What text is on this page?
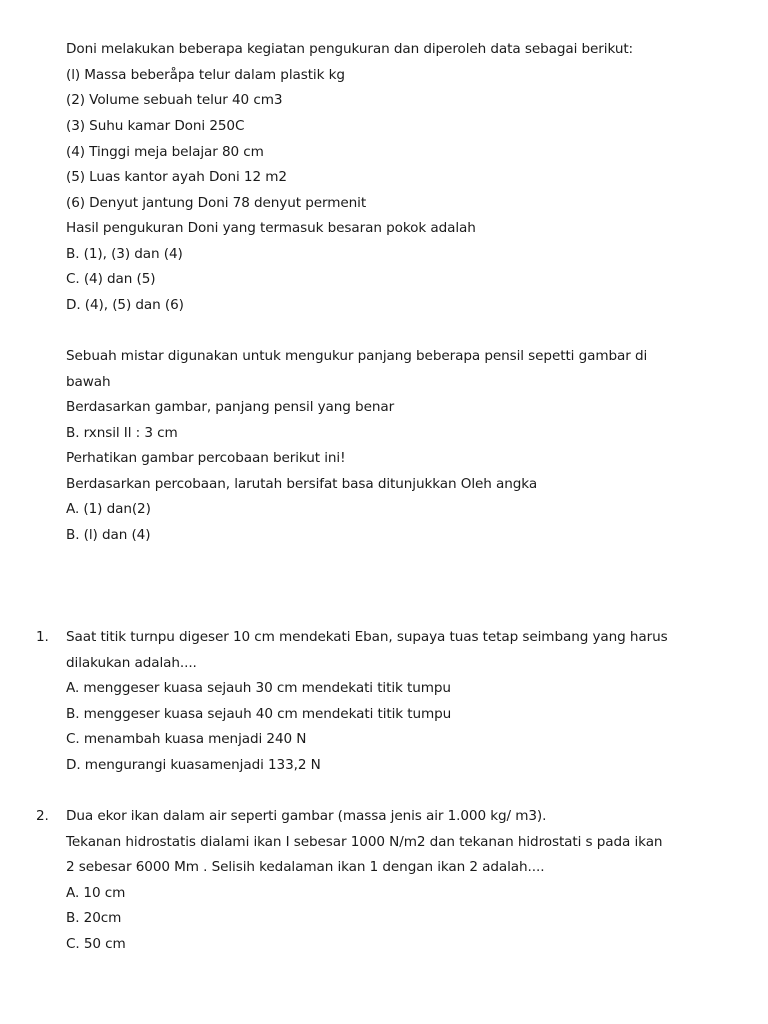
Doni melakukan beberapa kegiatan pengukuran dan diperoleh data sebagai berikut:
(l) Massa beberåpa telur dalam plastik kg
(2) Volume sebuah telur 40 cm3
(3) Suhu kamar Doni 250C
(4) Tinggi meja belajar 80 cm
(5) Luas kantor ayah Doni 12 m2
(6) Denyut jantung Doni 78 denyut permenit
Hasil pengukuran Doni yang termasuk besaran pokok adalah
B. (1), (3) dan (4)
C. (4) dan (5)
D. (4), (5) dan (6)
Sebuah mistar digunakan untuk mengukur panjang beberapa pensil sepetti gambar di
bawah
Berdasarkan gambar, panjang pensil yang benar
B. rxnsil Il : 3 cm
Perhatikan gambar percobaan berikut ini!
Berdasarkan percobaan, larutah bersifat basa ditunjukkan Oleh angka
A. (1) dan(2)
B. (l) dan (4)
1. Saat titik turnpu digeser 10 cm mendekati Eban, supaya tuas tetap seimbang yang harus
dilakukan adalah....
A. menggeser kuasa sejauh 30 cm mendekati titik tumpu
B. menggeser kuasa sejauh 40 cm mendekati titik tumpu
C. menambah kuasa menjadi 240 N
D. mengurangi kuasamenjadi 133,2 N
2. Dua ekor ikan dalam air seperti gambar (massa jenis air 1.000 kg/ m3).
Tekanan hidrostatis dialami ikan I sebesar 1000 N/m2 dan tekanan hidrostati s pada ikan
2 sebesar 6000 Mm . Selisih kedalaman ikan 1 dengan ikan 2 adalah....
A. 10 cm
B. 20cm
C. 50 cm
